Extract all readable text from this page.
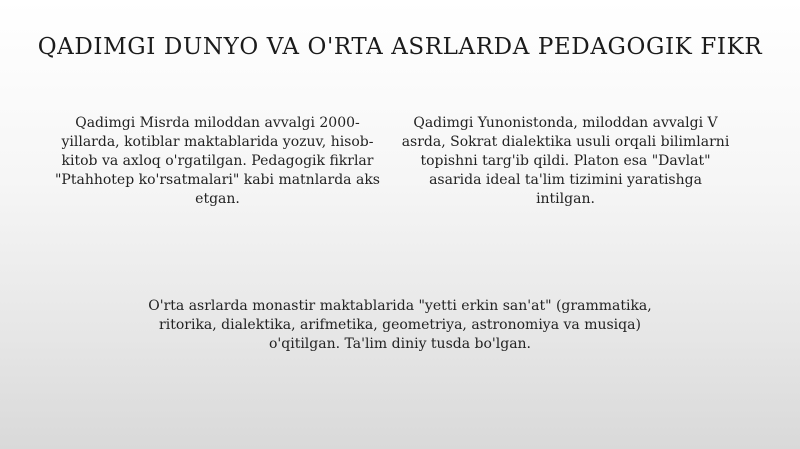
QADIMGI DUNYO VA O'RTA ASRLARDA PEDAGOGIK FIKR

Qadimgi Misrda miloddan avvalgi 2000-yillarda, kotiblar maktablarida yozuv, hisob-kitob va axloq o'rgatilgan. Pedagogik fikrlar "Ptahhotep ko'rsatmalari" kabi matnlarda aks etgan.

Qadimgi Yunonistonda, miloddan avvalgi V asrda, Sokrat dialektika usuli orqali bilimlarni topishni targ'ib qildi. Platon esa "Davlat" asarida ideal ta'lim tizimini yaratishga intilgan.

O'rta asrlarda monastir maktablarida "yetti erkin san'at" (grammatika, ritorika, dialektika, arifmetika, geometriya, astronomiya va musiqa) o'qitilgan. Ta'lim diniy tusda bo'lgan.
